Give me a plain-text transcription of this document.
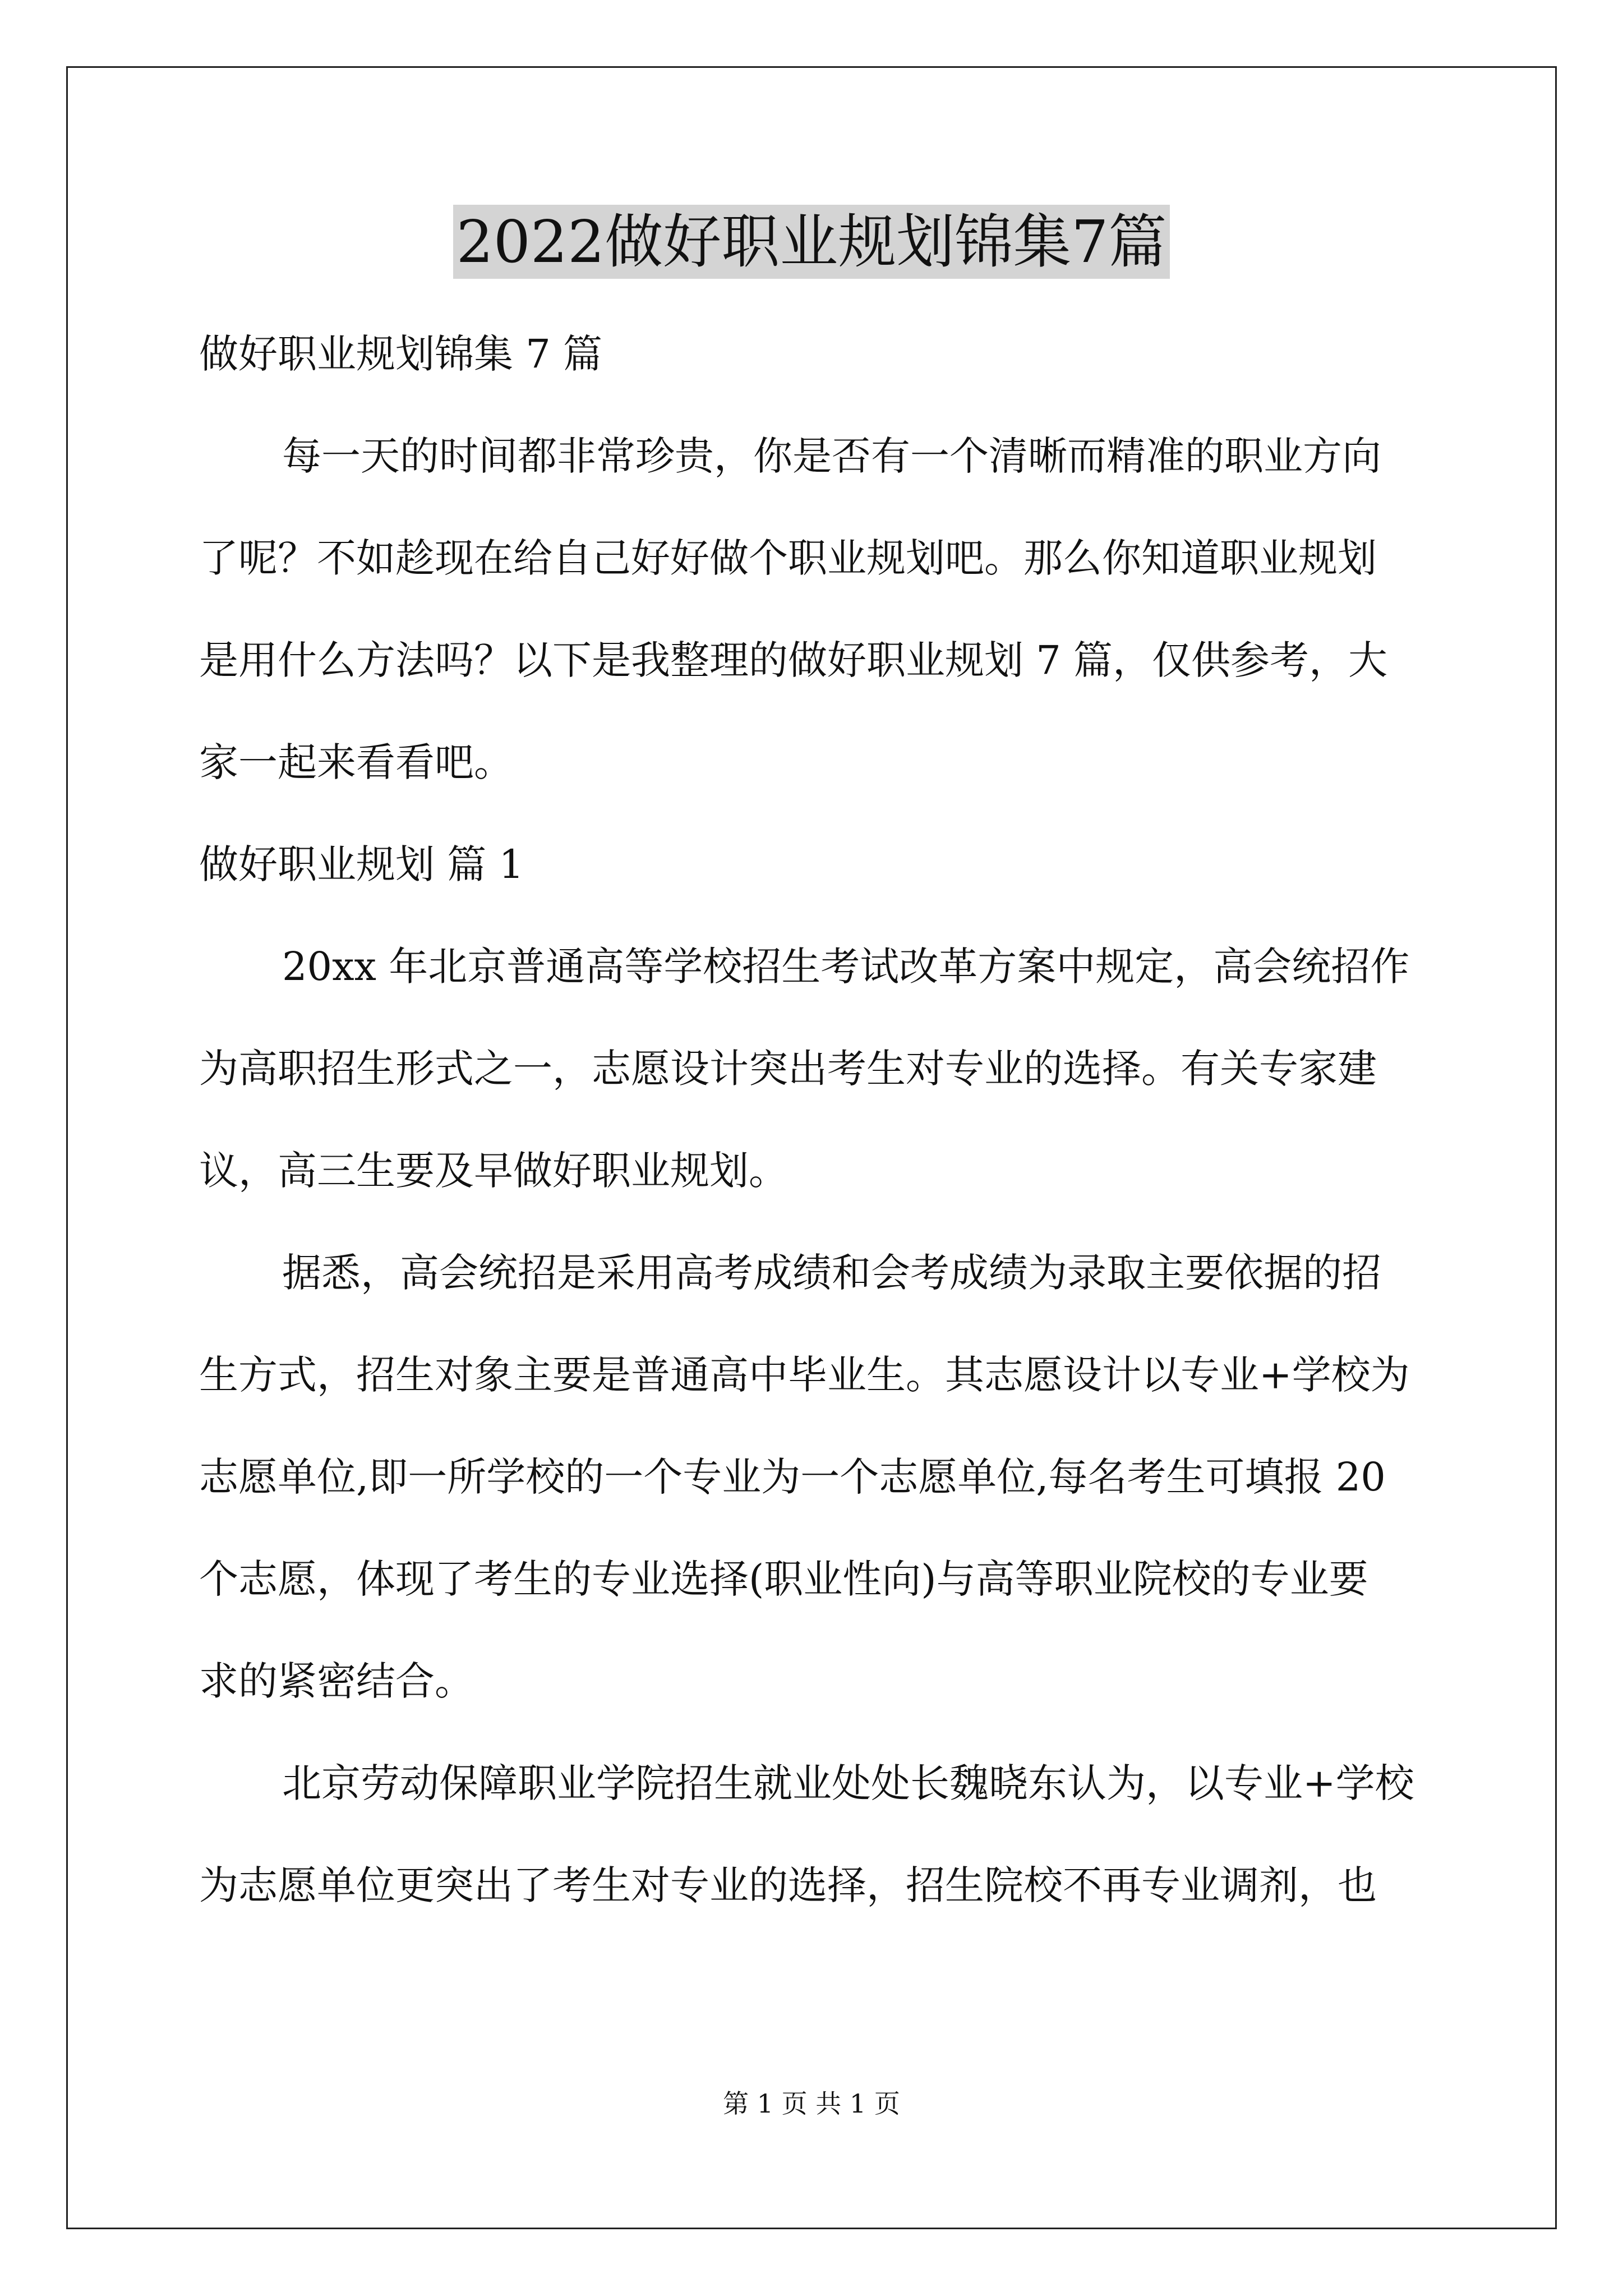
2022做好职业规划锦集7篇
做好职业规划锦集 7 篇
每一天的时间都非常珍贵，你是否有一个清晰而精准的职业方向
了呢？不如趁现在给自己好好做个职业规划吧。那么你知道职业规划
是用什么方法吗？以下是我整理的做好职业规划 7 篇，仅供参考，大
家一起来看看吧。
做好职业规划 篇 1
20xx 年北京普通高等学校招生考试改革方案中规定，高会统招作
为高职招生形式之一，志愿设计突出考生对专业的选择。有关专家建
议，高三生要及早做好职业规划。
据悉，高会统招是采用高考成绩和会考成绩为录取主要依据的招
生方式，招生对象主要是普通高中毕业生。其志愿设计以专业+学校为
志愿单位,即一所学校的一个专业为一个志愿单位,每名考生可填报 20
个志愿，体现了考生的专业选择(职业性向)与高等职业院校的专业要
求的紧密结合。
北京劳动保障职业学院招生就业处处长魏晓东认为，以专业+学校
为志愿单位更突出了考生对专业的选择，招生院校不再专业调剂，也
第 1 页 共 1 页
